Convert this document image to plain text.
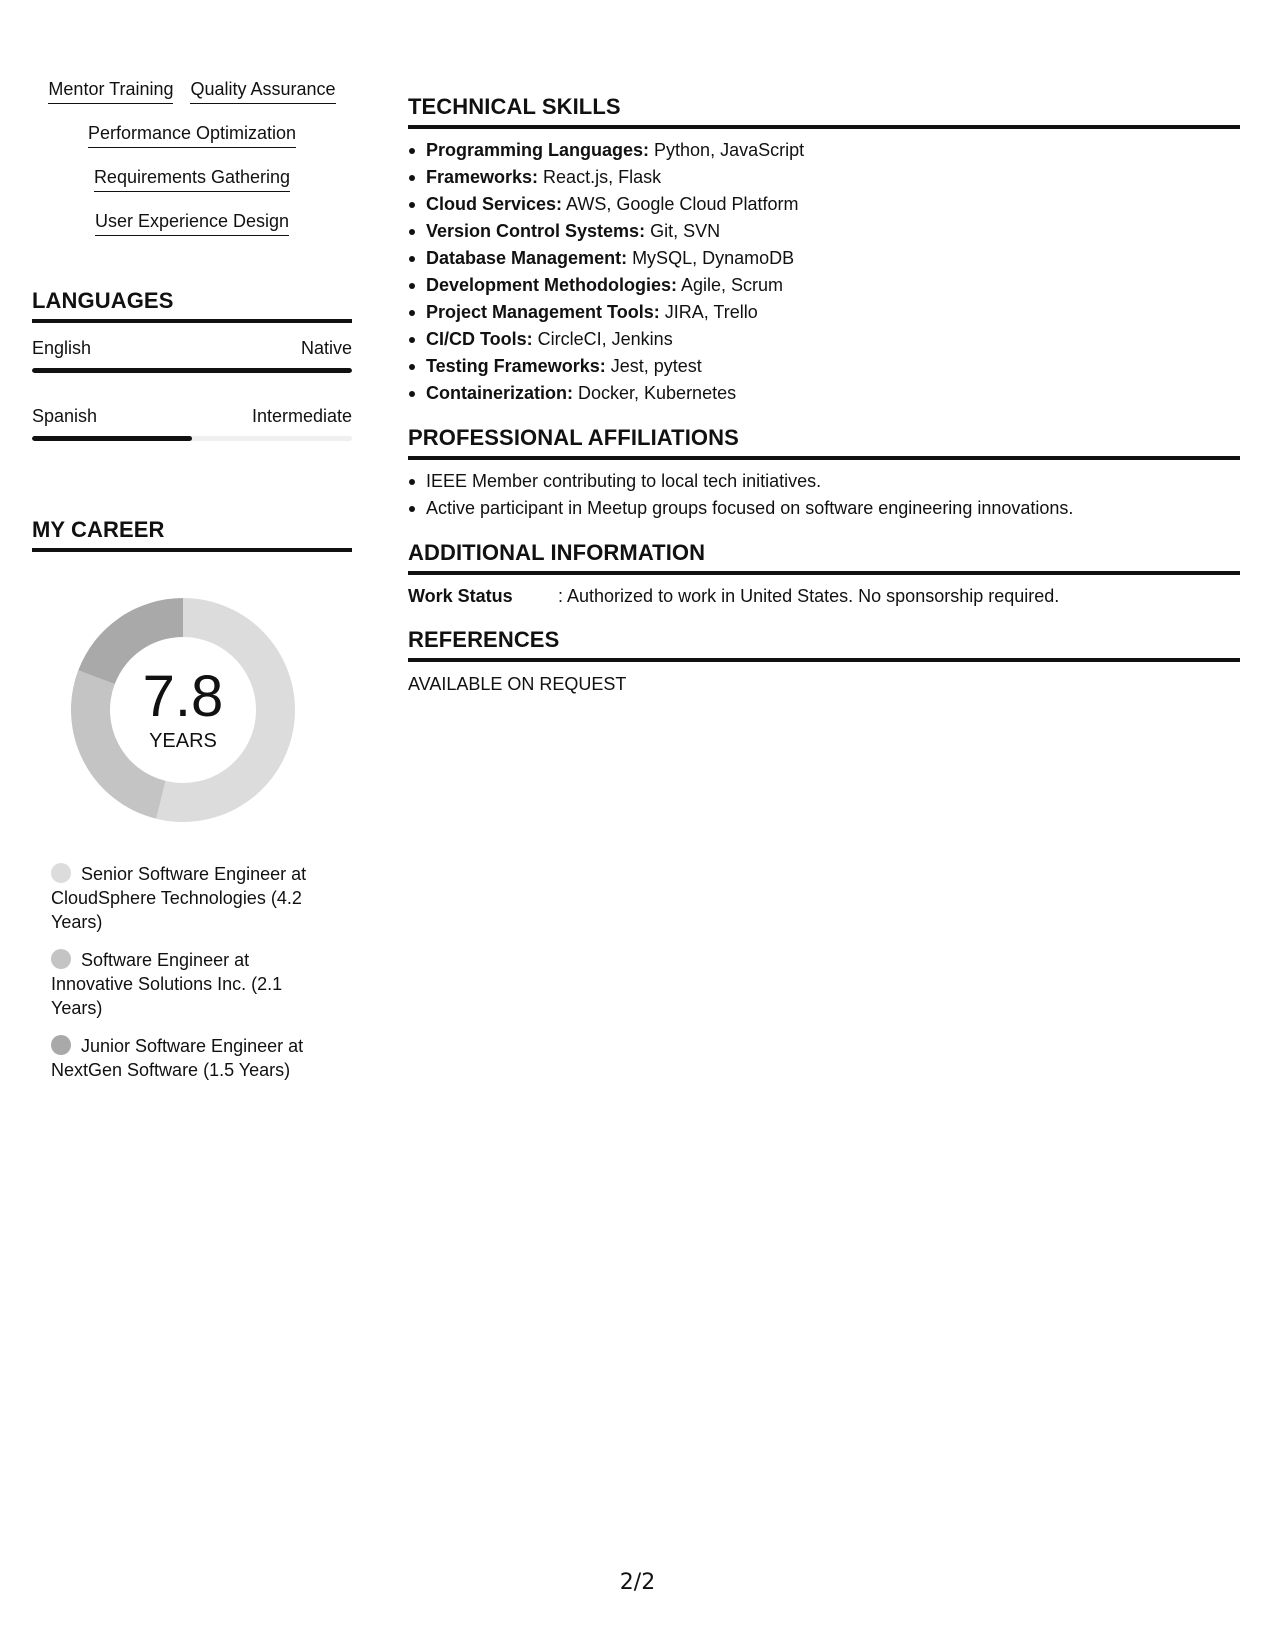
Mentor Training Quality Assurance
Performance Optimization
Requirements Gathering
User Experience Design
LANGUAGES
English	Native
Spanish	Intermediate
MY CAREER
7.8
YEARS
Senior Software Engineer at CloudSphere Technologies (4.2 Years)
Software Engineer at Innovative Solutions Inc. (2.1 Years)
Junior Software Engineer at NextGen Software (1.5 Years)
TECHNICAL SKILLS
Programming Languages: Python, JavaScript
Frameworks: React.js, Flask
Cloud Services: AWS, Google Cloud Platform
Version Control Systems: Git, SVN
Database Management: MySQL, DynamoDB
Development Methodologies: Agile, Scrum
Project Management Tools: JIRA, Trello
CI/CD Tools: CircleCI, Jenkins
Testing Frameworks: Jest, pytest
Containerization: Docker, Kubernetes
PROFESSIONAL AFFILIATIONS
IEEE Member contributing to local tech initiatives.
Active participant in Meetup groups focused on software engineering innovations.
ADDITIONAL INFORMATION
Work Status	: Authorized to work in United States. No sponsorship required.
REFERENCES
AVAILABLE ON REQUEST
2/2
